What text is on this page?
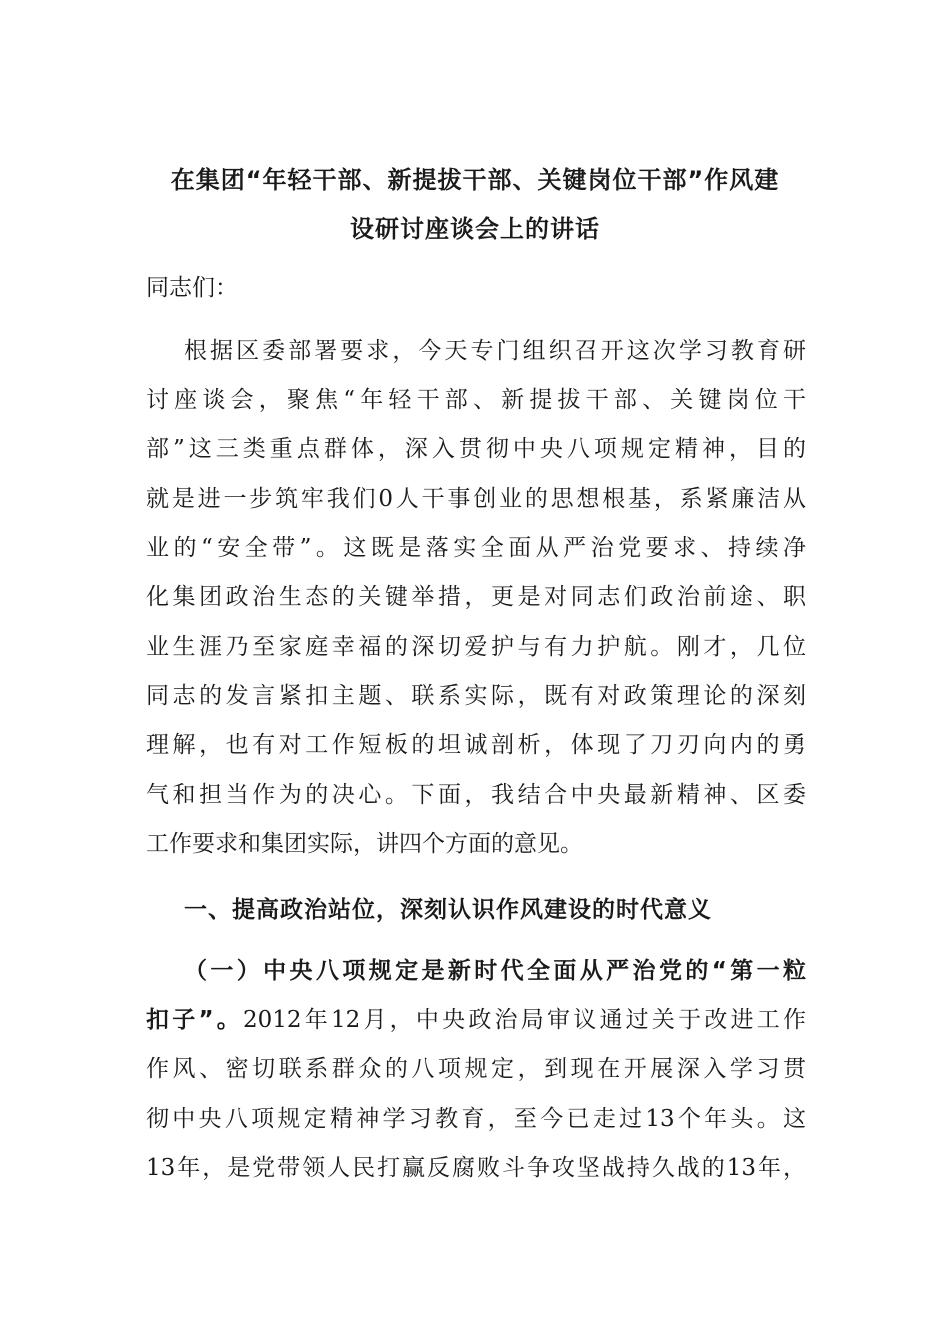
在集团“年轻干部、新提拔干部、关键岗位干部”作风建
设研讨座谈会上的讲话
同志们：
根据区委部署要求，今天专门组织召开这次学习教育研
讨座谈会，聚焦“年轻干部、新提拔干部、关键岗位干
部”这三类重点群体，深入贯彻中央八项规定精神，目的
就是进一步筑牢我们0人干事创业的思想根基，系紧廉洁从
业的“安全带”。这既是落实全面从严治党要求、持续净
化集团政治生态的关键举措，更是对同志们政治前途、职
业生涯乃至家庭幸福的深切爱护与有力护航。刚才，几位
同志的发言紧扣主题、联系实际，既有对政策理论的深刻
理解，也有对工作短板的坦诚剖析，体现了刀刃向内的勇
气和担当作为的决心。下面，我结合中央最新精神、区委
工作要求和集团实际，讲四个方面的意见。
一、提高政治站位，深刻认识作风建设的时代意义
（一）中央八项规定是新时代全面从严治党的“第一粒
扣子”。2012年12月，中央政治局审议通过关于改进工作
作风、密切联系群众的八项规定，到现在开展深入学习贯
彻中央八项规定精神学习教育，至今已走过13个年头。这
13年，是党带领人民打赢反腐败斗争攻坚战持久战的13年，
